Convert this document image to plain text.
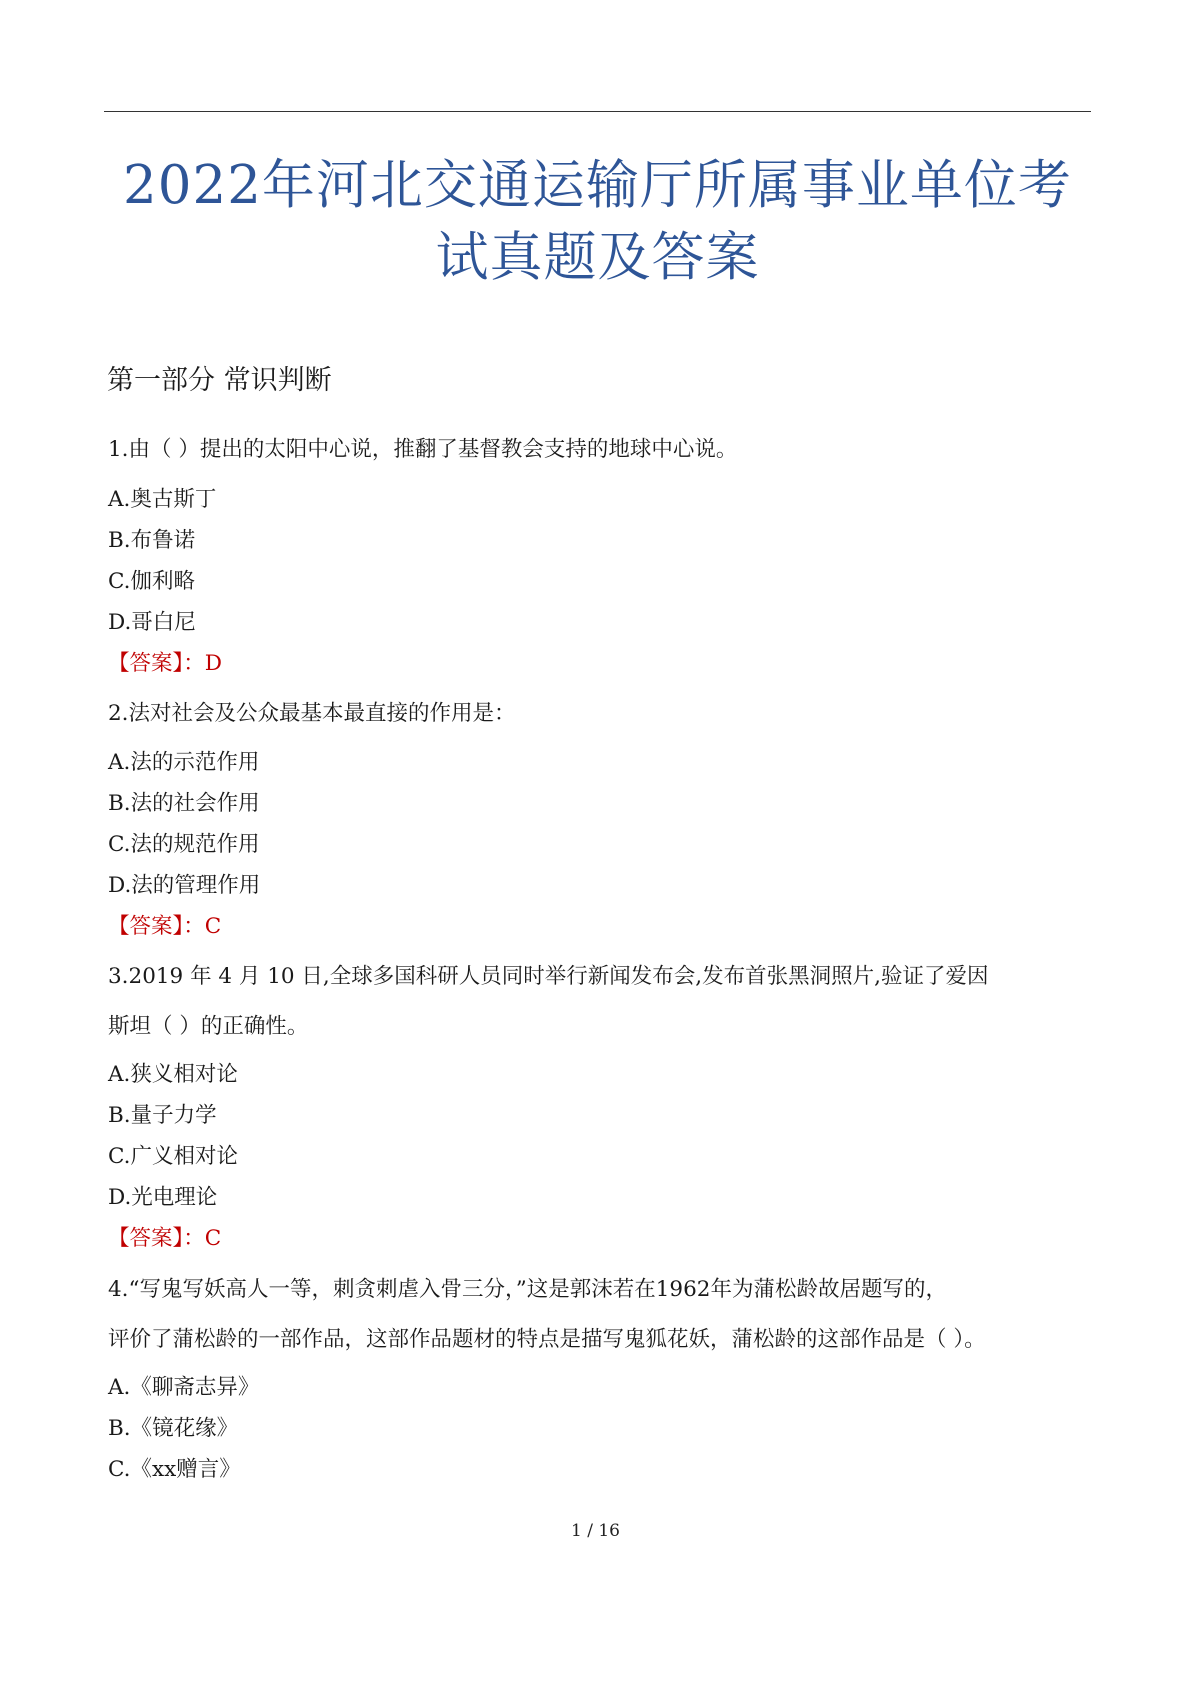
2022年河北交通运输厅所属事业单位考
试真题及答案
第一部分 常识判断
1.由（ ）提出的太阳中心说，推翻了基督教会支持的地球中心说。
A.奥古斯丁
B.布鲁诺
C.伽利略
D.哥白尼
【答案】：D
2.法对社会及公众最基本最直接的作用是：
A.法的示范作用
B.法的社会作用
C.法的规范作用
D.法的管理作用
【答案】：C
3.2019 年 4 月 10 日,全球多国科研人员同时举行新闻发布会,发布首张黑洞照片,验证了爱因
斯坦（ ）的正确性。
A.狭义相对论
B.量子力学
C.广义相对论
D.光电理论
【答案】：C
4.“写鬼写妖高人一等，刺贪刺虐入骨三分，”这是郭沫若在1962年为蒲松龄故居题写的，
评价了蒲松龄的一部作品，这部作品题材的特点是描写鬼狐花妖，蒲松龄的这部作品是（ ）。
A.《聊斋志异》
B.《镜花缘》
C.《xx赠言》
1 / 16
